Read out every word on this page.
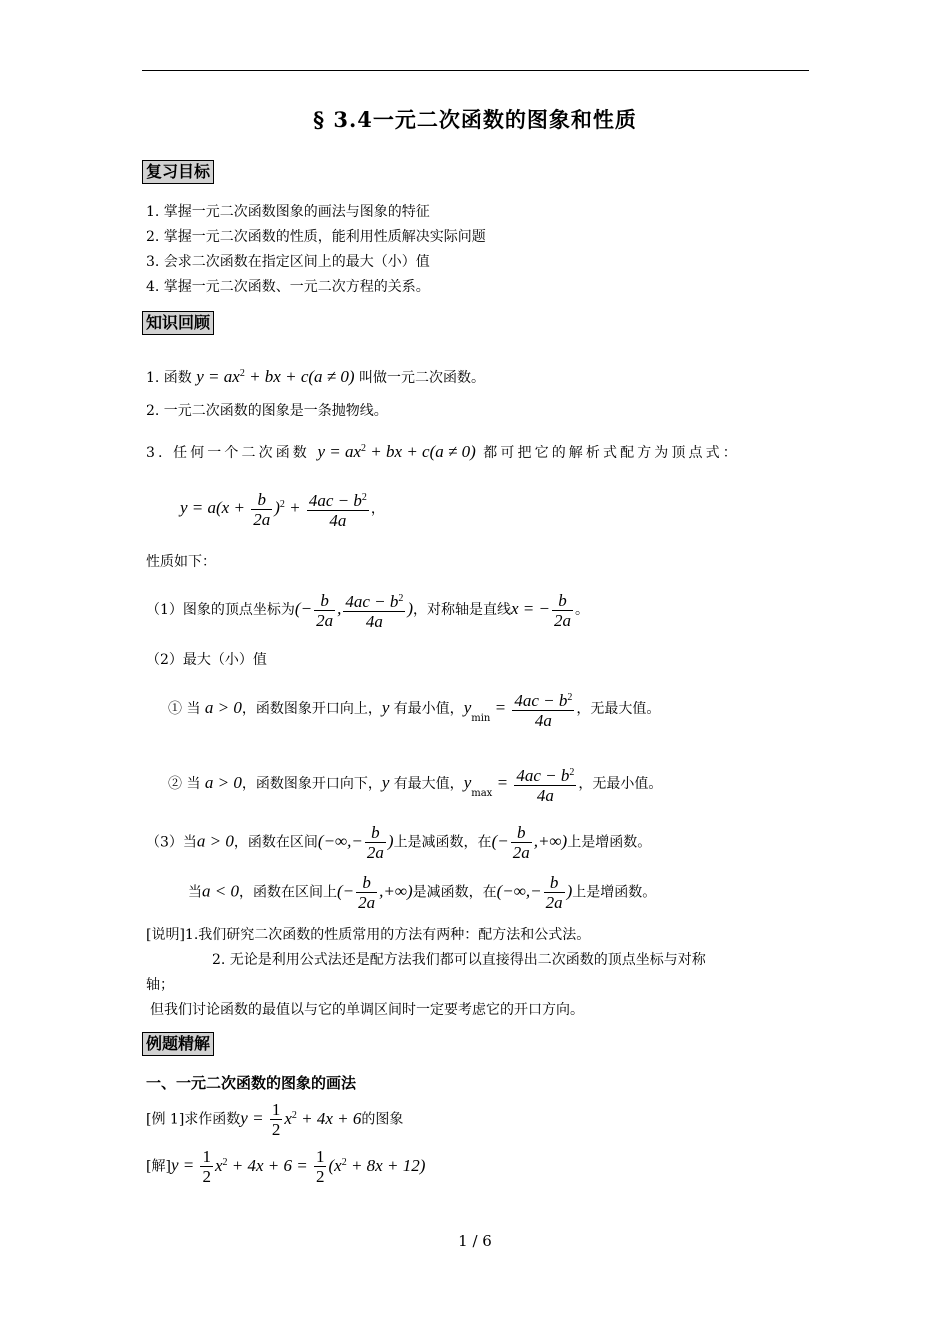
§ 3.4一元二次函数的图象和性质
复习目标
1. 掌握一元二次函数图象的画法与图象的特征
2. 掌握一元二次函数的性质，能利用性质解决实际问题
3. 会求二次函数在指定区间上的最大（小）值
4. 掌握一元二次函数、一元二次方程的关系。
知识回顾
1. 函数 $y = ax^2$ + bx + c(a ≠ 0) 叫做一元二次函数。
2. 一元二次函数的图象是一条抛物线。
3. 任何一个二次函数 $y = ax^2$ + bx + c(a ≠ 0) 都可把它的解析式配方为顶点式：
$y = a(x + \frac{b}{2a} )^2 + \frac{4ac - b^2}{4a}$ ，
性质如下：
（1）图象的顶点坐标为(− $\frac{b}{2a}$ , $\frac{4ac - b^2}{4a}$ )，对称轴是直线x = − $\frac{b}{2a}$ 。
（2）最大（小）值
① 当 a > 0，函数图象开口向上，y 有最小值，$y_{min} = \frac{4ac - b^2}{4a}$ ，无最大值。
② 当 a > 0，函数图象开口向下，y 有最大值，$y_{max} = \frac{4ac - b^2}{4a}$ ，无最小值。
（3）当a > 0，函数在区间(−∞,− $\frac{b}{2a}$ )上是减函数，在(− $\frac{b}{2a}$ ,+∞)上是增函数。
当a < 0，函数在区间上(− $\frac{b}{2a}$ ,+∞)是减函数，在(−∞,− $\frac{b}{2a}$ )上是增函数。
[说明]1.我们研究二次函数的性质常用的方法有两种：配方法和公式法。
2. 无论是利用公式法还是配方法我们都可以直接得出二次函数的顶点坐标与对称
轴；
但我们讨论函数的最值以与它的单调区间时一定要考虑它的开口方向。
例题精解
一、一元二次函数的图象的画法
[例 1]求作函数$y = \frac{1}{2} x^2 + 4x + 6$的图象
[解]$y = \frac{1}{2} x^2 + 4x + 6 = \frac{1}{2} (x^2 + 8x + 12)$
1 / 6
